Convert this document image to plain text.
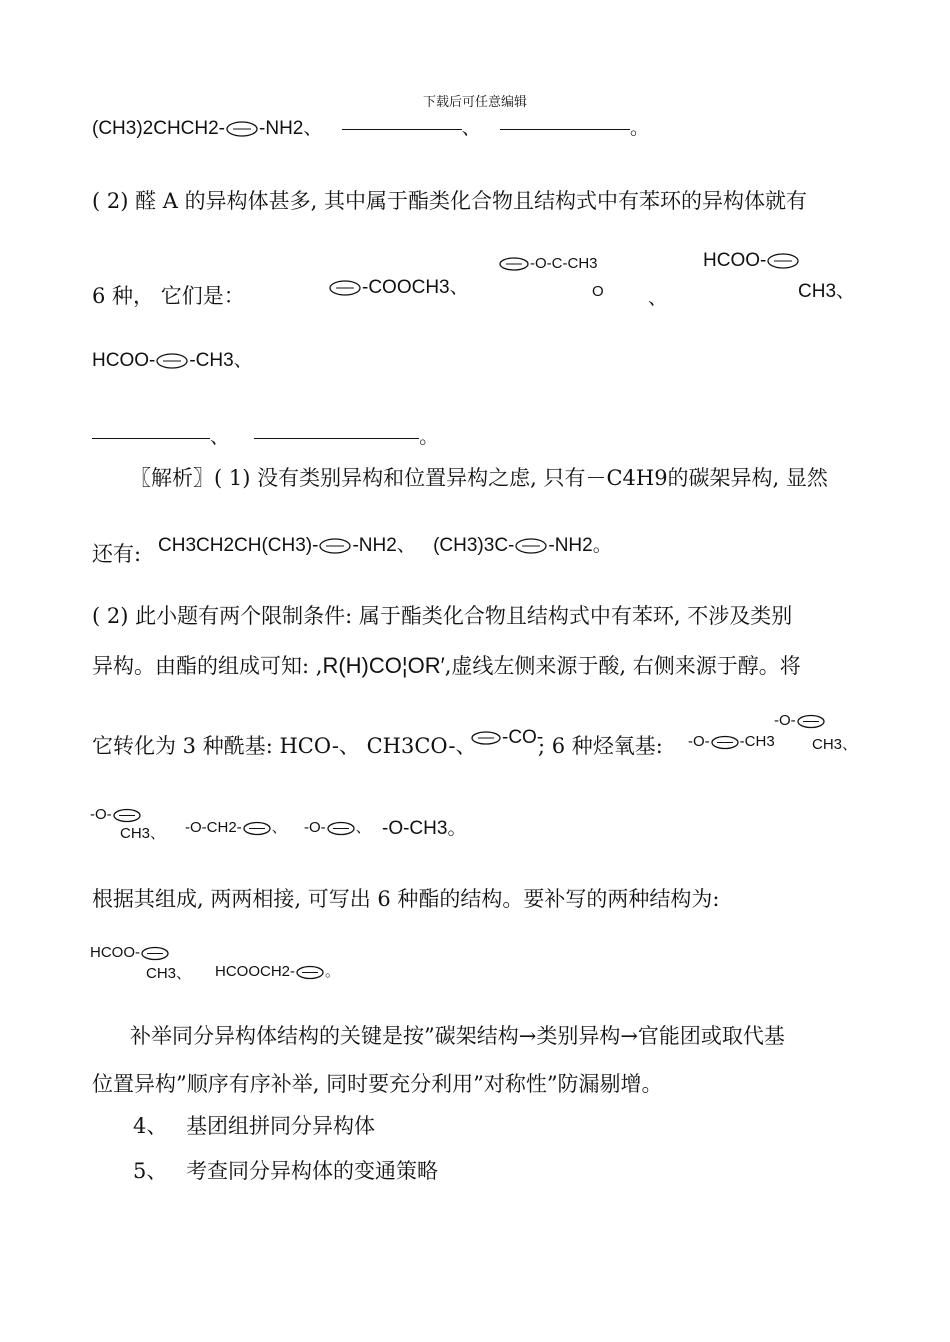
下载后可任意编辑
(CH3)2CHCH2- -NH2、	、	。
( 2) 醛 A 的异构体甚多, 其中属于酯类化合物且结构式中有苯环的异构体就有
6 种， 它们是：	-COOCH3、
-O-C-CH3
O 、
HCOO-
CH3、
HCOO- -CH3、
、	。
〖解析〗( 1) 没有类别异构和位置异构之虑, 只有－C4H9的碳架异构, 显然
还有: CH3CH2CH(CH3)- -NH2、 (CH3)3C- -NH2。
( 2) 此小题有两个限制条件: 属于酯类化合物且结构式中有苯环, 不涉及类别
异构。由酯的组成可知: ,R(H)CO¦OR′,虚线左侧来源于酸, 右侧来源于醇。将
它转化为 3 种酰基: HCO-、 CH3CO-、	-CO-
; 6 种烃氧基: -O- -CH3
-O-
CH3、
-O-
CH3、 -O-CH2- 、 -O- 、 -O-CH3。
根据其组成, 两两相接, 可写出 6 种酯的结构。要补写的两种结构为:
HCOO-
CH3、 HCOOCH2- 。
补举同分异构体结构的关键是按”碳架结构→类别异构→官能团或取代基
位置异构”顺序有序补举, 同时要充分利用”对称性”防漏剔增。
4、 基团组拼同分异构体
5、 考查同分异构体的变通策略
